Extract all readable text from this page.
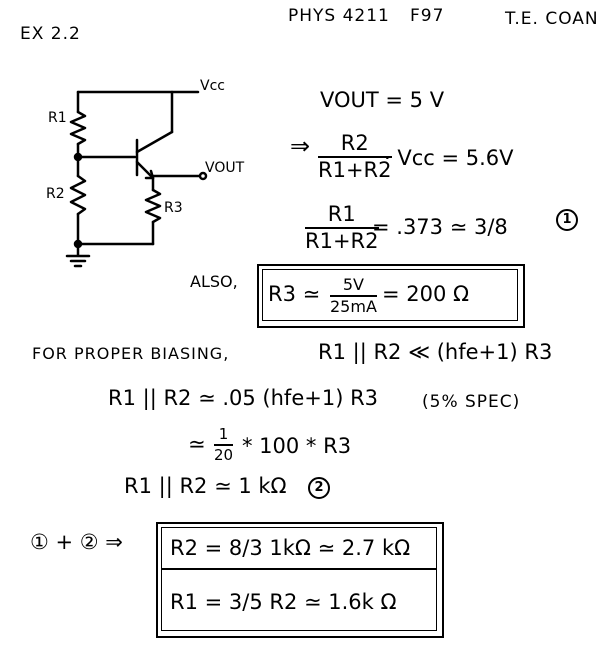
EX 2.2
PHYS 4211 F97	T.E. COAN
Vcc
VOUT
R1
R2
R3
VOUT = 5 V
⇒ R2
R1+R2
· Vcc = 5.6V
R1
R1+R2
= .373 ≃ 3/8	1
ALSO,
R3 ≃ 5V
25mA
= 200 Ω
FOR PROPER BIASING,	R1 || R2 ≪ (hfe+1) R3
R1 || R2 ≃ .05 (hfe+1) R3	(5% SPEC)
≃ 1
20 * 100 * R3
R1 || R2 ≃ 1 kΩ	2
① + ② ⇒ R2 = 8/3 1kΩ ≃ 2.7 kΩ
R1 = 3/5 R2 ≃ 1.6k Ω
